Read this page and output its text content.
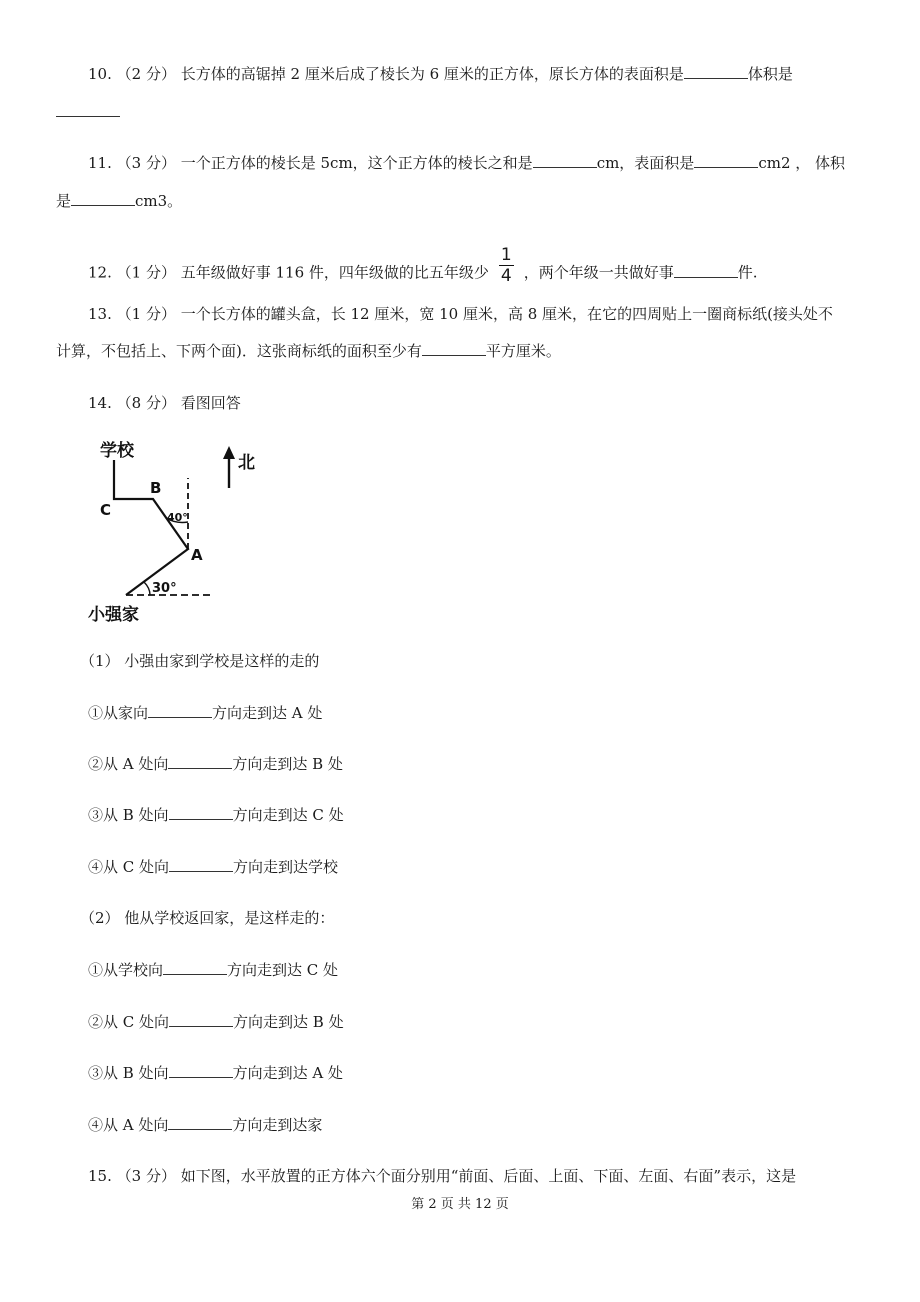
10. （2 分） 长方体的高锯掉 2 厘米后成了棱长为 6 厘米的正方体，原长方体的表面积是	体积是
11. （3 分） 一个正方体的棱长是 5cm，这个正方体的棱长之和是	cm，表面积是	cm2 ， 体积
是	cm3。
12. （1 分） 五年级做好事 116 件，四年级做的比五年级少 $\frac{1}{4}$ ，两个年级一共做好事	件.
13. （1 分） 一个长方体的罐头盒，长 12 厘米，宽 10 厘米，高 8 厘米，在它的四周贴上一圈商标纸(接头处不
计算，不包括上、下两个面)．这张商标纸的面积至少有	平方厘米。
14. （8 分） 看图回答
学校
北
C
B
40°
A
30°
小强家
（1） 小强由家到学校是这样的走的
①从家向	方向走到达 A 处
②从 A 处向	方向走到达 B 处
③从 B 处向	方向走到达 C 处
④从 C 处向	方向走到达学校
（2） 他从学校返回家，是这样走的：
①从学校向	方向走到达 C 处
②从 C 处向	方向走到达 B 处
③从 B 处向	方向走到达 A 处
④从 A 处向	方向走到达家
15. （3 分） 如下图，水平放置的正方体六个面分别用“前面、后面、上面、下面、左面、右面”表示，这是
第 2 页 共 12 页
